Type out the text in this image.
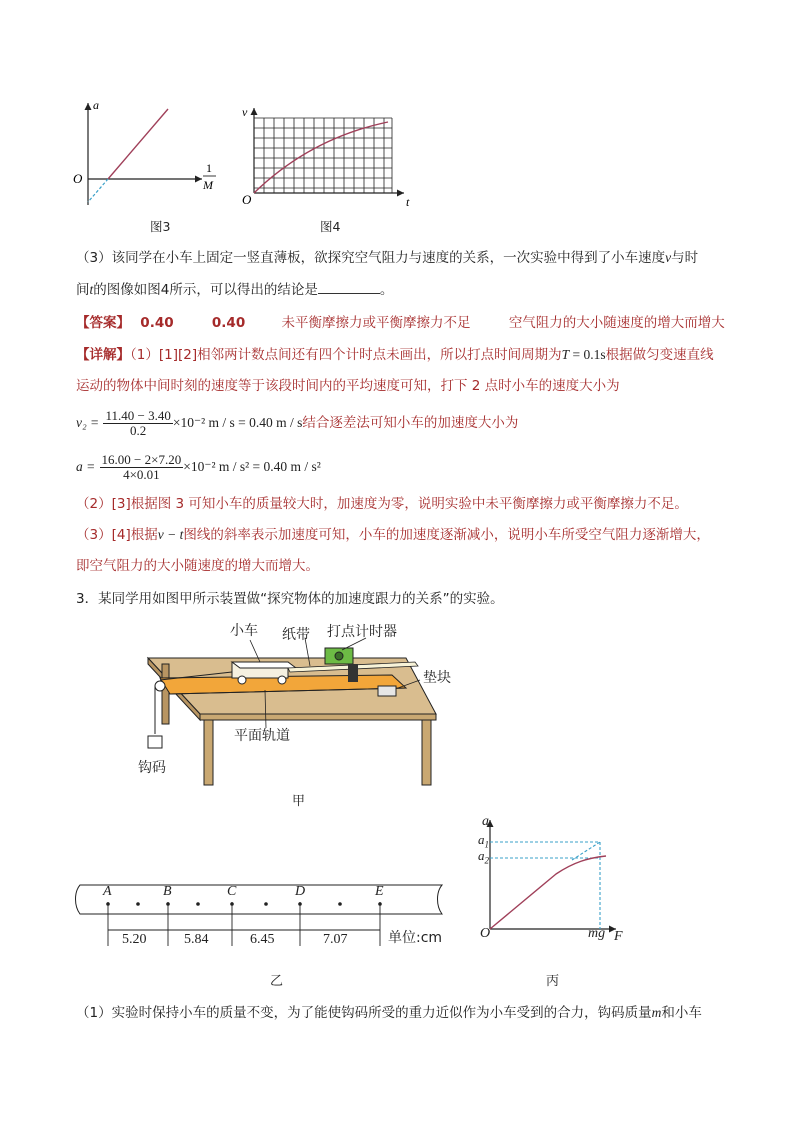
a
O
1
M
图3
v
O	t
图4
（3）该同学在小车上固定一竖直薄板，欲探究空气阻力与速度的关系，一次实验中得到了小车速度v与时
间t的图像如图4所示，可以得出的结论是	。
【答案】 0.40	0.40	未平衡摩擦力或平衡摩擦力不足	空气阻力的大小随速度的增大而增大
【详解】（1）[1][2]相邻两计数点间还有四个计时点未画出，所以打点时间周期为T = 0.1s根据做匀变速直线
运动的物体中间时刻的速度等于该段时间内的平均速度可知，打下 2 点时小车的速度大小为
$v_2 = \frac{11.40 - 3.40}{0.2} \times 10^{-2}$ m / s = 0.40 m / s结合逐差法可知小车的加速度大小为
$a = \frac{16.00 - 2\times 7.20}{4\times 0.01} \times 10^{-2}$ m / s² = 0.40 m / s²
（2）[3]根据图 3 可知小车的质量较大时，加速度为零，说明实验中未平衡摩擦力或平衡摩擦力不足。
（3）[4]根据v − t图线的斜率表示加速度可知，小车的加速度逐渐减小，说明小车所受空气阻力逐渐增大，
即空气阻力的大小随速度的增大而增大。
3．某同学用如图甲所示装置做“探究物体的加速度跟力的关系”的实验。
小车 纸带 打点计时器
垫块
平面轨道
钩码
甲
A	B	C	D	E
5.20	5.84	6.45	7.07	单位:cm
乙
a
$a_1$
$a_2$
O	mg F
丙
（1）实验时保持小车的质量不变，为了能使钩码所受的重力近似作为小车受到的合力，钩码质量m和小车
